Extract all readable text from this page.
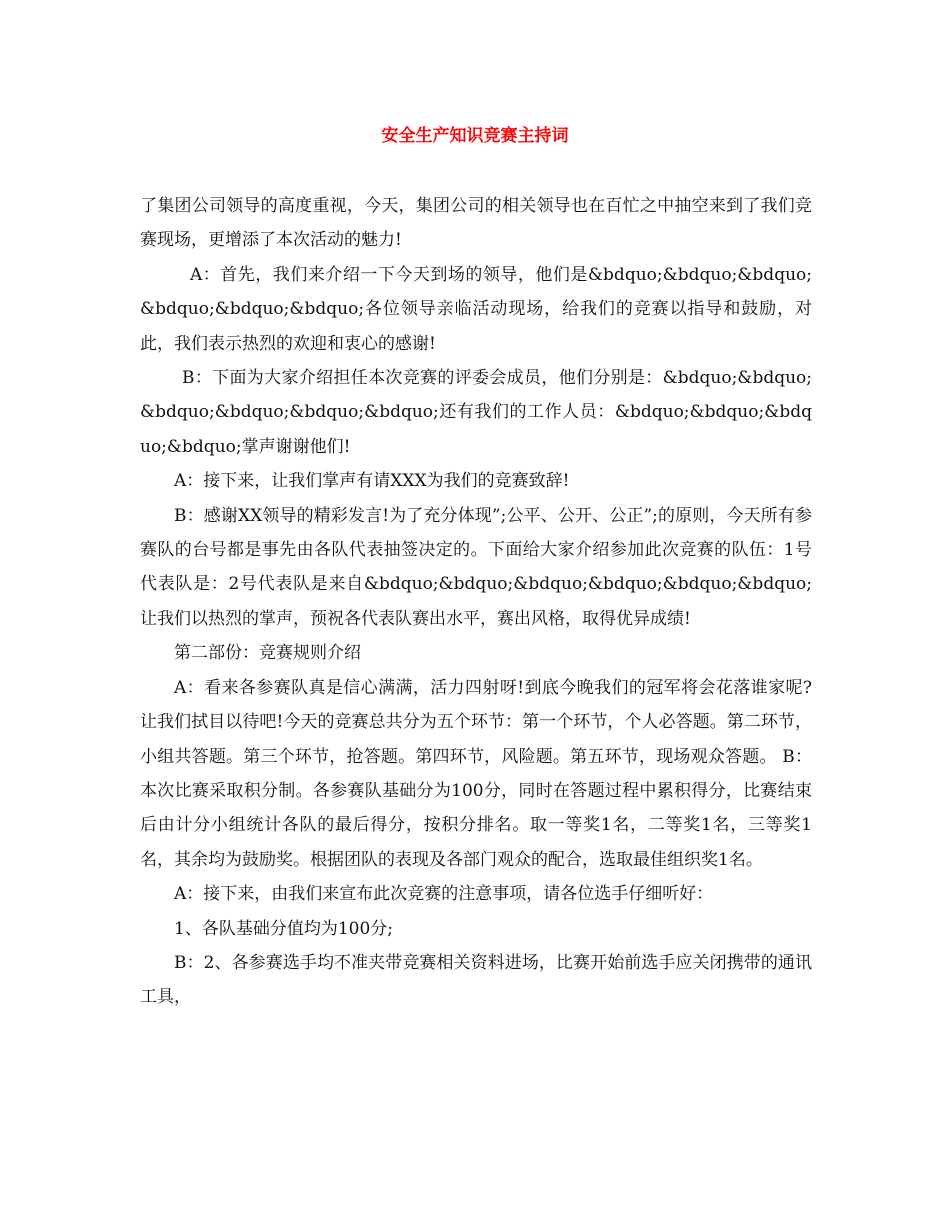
安全生产知识竞赛主持词

了集团公司领导的高度重视，今天，集团公司的相关领导也在百忙之中抽空来到了我们竞赛现场，更增添了本次活动的魅力!

A：首先，我们来介绍一下今天到场的领导，他们是&bdquo;&bdquo;&bdquo;&bdquo;&bdquo;&bdquo;各位领导亲临活动现场，给我们的竞赛以指导和鼓励，对此，我们表示热烈的欢迎和衷心的感谢!

B：下面为大家介绍担任本次竞赛的评委会成员，他们分别是：&bdquo;&bdquo;&bdquo;&bdquo;&bdquo;&bdquo;还有我们的工作人员：&bdquo;&bdquo;&bdquo;&bdquo;掌声谢谢他们!

A：接下来，让我们掌声有请XXX为我们的竞赛致辞!

B：感谢XX领导的精彩发言!为了充分体现”;公平、公开、公正”;的原则，今天所有参赛队的台号都是事先由各队代表抽签决定的。下面给大家介绍参加此次竞赛的队伍：1号代表队是：2号代表队是来自&bdquo;&bdquo;&bdquo;&bdquo;&bdquo;&bdquo;让我们以热烈的掌声，预祝各代表队赛出水平，赛出风格，取得优异成绩!

第二部份：竞赛规则介绍

A：看来各参赛队真是信心满满，活力四射呀!到底今晚我们的冠军将会花落谁家呢?让我们拭目以待吧!今天的竞赛总共分为五个环节：第一个环节，个人必答题。第二环节，小组共答题。第三个环节，抢答题。第四环节，风险题。第五环节，现场观众答题。 B：本次比赛采取积分制。各参赛队基础分为100分，同时在答题过程中累积得分，比赛结束后由计分小组统计各队的最后得分，按积分排名。取一等奖1名，二等奖1名，三等奖1名，其余均为鼓励奖。根据团队的表现及各部门观众的配合，选取最佳组织奖1名。

A：接下来，由我们来宣布此次竞赛的注意事项，请各位选手仔细听好：

1、各队基础分值均为100分;

B：2、各参赛选手均不准夹带竞赛相关资料进场，比赛开始前选手应关闭携带的通讯工具，
